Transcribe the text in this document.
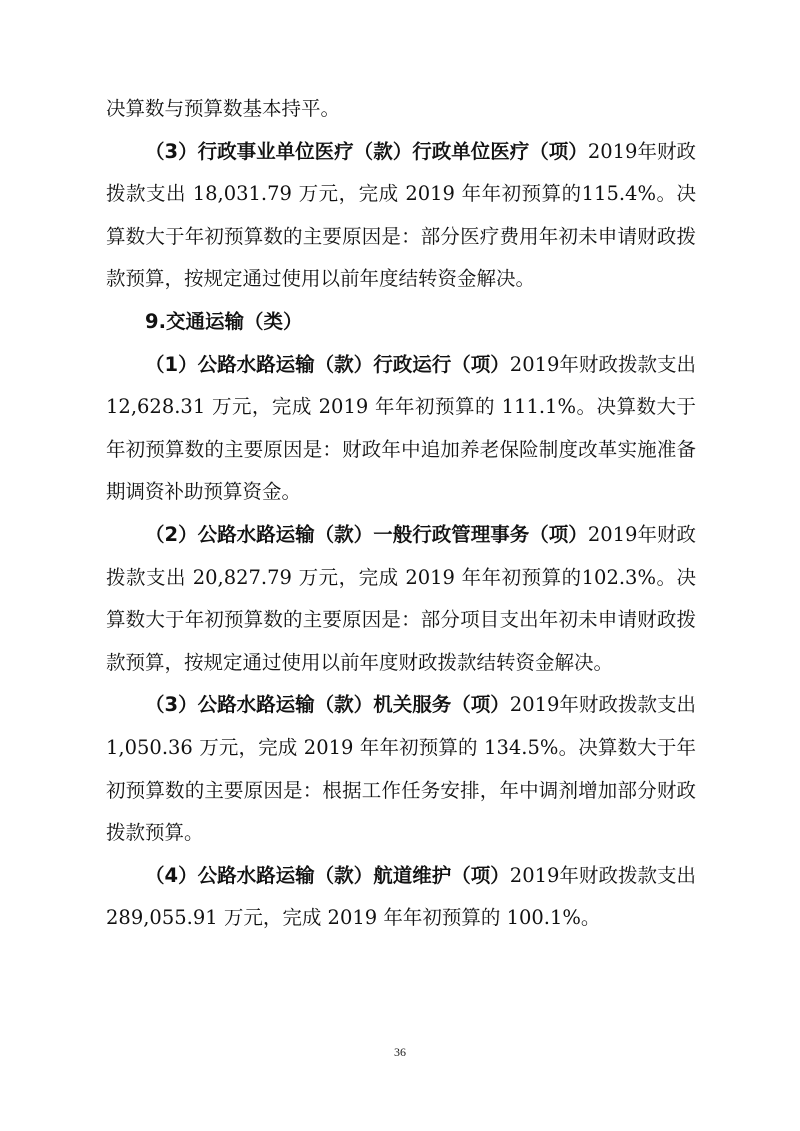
决算数与预算数基本持平。

（3）行政事业单位医疗（款）行政单位医疗（项）2019年财政拨款支出 18,031.79 万元，完成 2019 年年初预算的115.4%。决算数大于年初预算数的主要原因是：部分医疗费用年初未申请财政拨款预算，按规定通过使用以前年度结转资金解决。

9.交通运输（类）

（1）公路水路运输（款）行政运行（项）2019年财政拨款支出 12,628.31 万元，完成 2019 年年初预算的 111.1%。决算数大于年初预算数的主要原因是：财政年中追加养老保险制度改革实施准备期调资补助预算资金。

（2）公路水路运输（款）一般行政管理事务（项）2019年财政拨款支出 20,827.79 万元，完成 2019 年年初预算的102.3%。决算数大于年初预算数的主要原因是：部分项目支出年初未申请财政拨款预算，按规定通过使用以前年度财政拨款结转资金解决。

（3）公路水路运输（款）机关服务（项）2019年财政拨款支出 1,050.36 万元，完成 2019 年年初预算的 134.5%。决算数大于年初预算数的主要原因是：根据工作任务安排，年中调剂增加部分财政拨款预算。

（4）公路水路运输（款）航道维护（项）2019年财政拨款支出 289,055.91 万元，完成 2019 年年初预算的 100.1%。

36
